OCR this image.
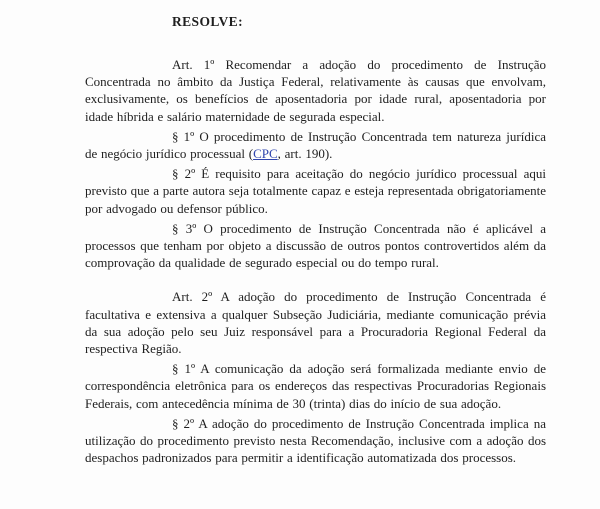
RESOLVE:

Art. 1º Recomendar a adoção do procedimento de Instrução Concentrada no âmbito da Justiça Federal, relativamente às causas que envolvam, exclusivamente, os benefícios de aposentadoria por idade rural, aposentadoria por idade híbrida e salário maternidade de segurada especial.

§ 1º O procedimento de Instrução Concentrada tem natureza jurídica de negócio jurídico processual (CPC, art. 190).

§ 2º É requisito para aceitação do negócio jurídico processual aqui previsto que a parte autora seja totalmente capaz e esteja representada obrigatoriamente por advogado ou defensor público.

§ 3º O procedimento de Instrução Concentrada não é aplicável a processos que tenham por objeto a discussão de outros pontos controvertidos além da comprovação da qualidade de segurado especial ou do tempo rural.

Art. 2º A adoção do procedimento de Instrução Concentrada é facultativa e extensiva a qualquer Subseção Judiciária, mediante comunicação prévia da sua adoção pelo seu Juiz responsável para a Procuradoria Regional Federal da respectiva Região.

§ 1º A comunicação da adoção será formalizada mediante envio de correspondência eletrônica para os endereços das respectivas Procuradorias Regionais Federais, com antecedência mínima de 30 (trinta) dias do início de sua adoção.

§ 2º A adoção do procedimento de Instrução Concentrada implica na utilização do procedimento previsto nesta Recomendação, inclusive com a adoção dos despachos padronizados para permitir a identificação automatizada dos processos.
